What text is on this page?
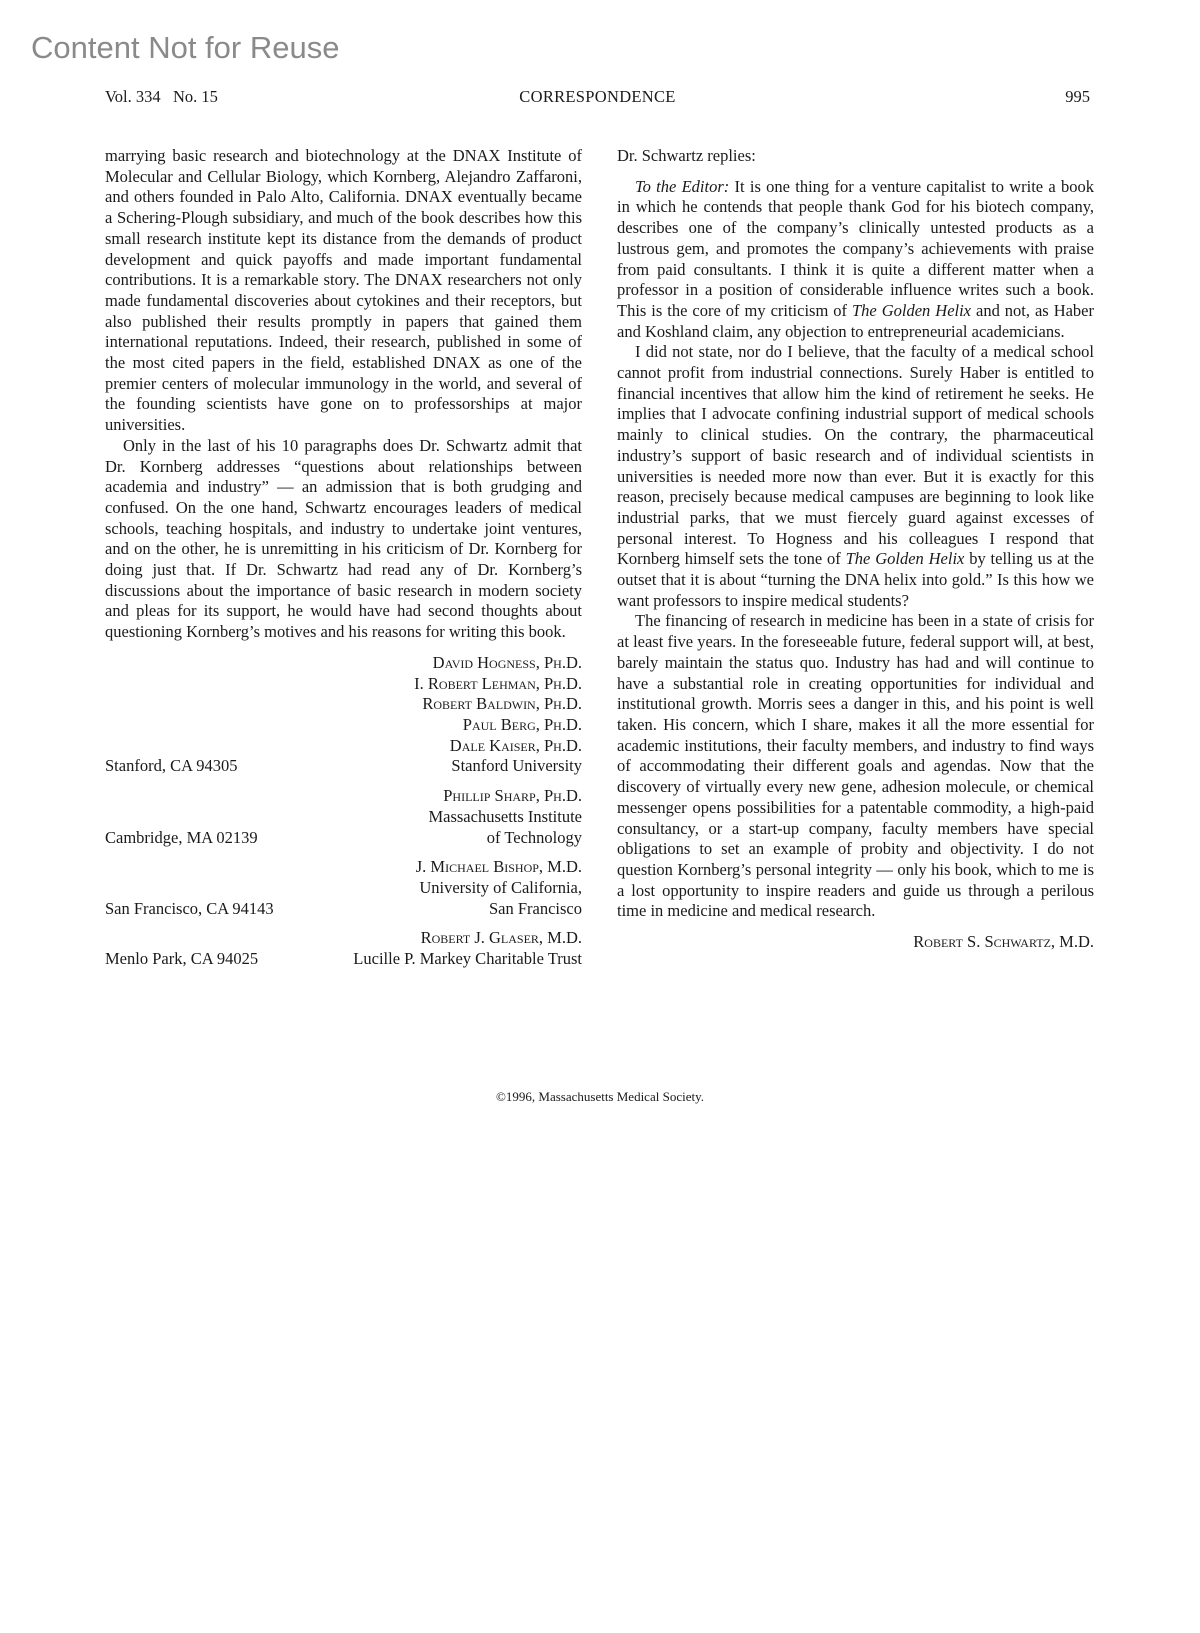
Content Not for Reuse
Vol. 334   No. 15	CORRESPONDENCE	995

marrying basic research and biotechnology at the DNAX Institute of Molecular and Cellular Biology, which Kornberg, Alejandro Zaffaroni, and others founded in Palo Alto, California. DNAX eventually became a Schering-Plough subsidiary, and much of the book describes how this small research institute kept its distance from the demands of product development and quick payoffs and made important fundamental contributions. It is a remarkable story. The DNAX researchers not only made fundamental discoveries about cytokines and their receptors, but also published their results promptly in papers that gained them international reputations. Indeed, their research, published in some of the most cited papers in the field, established DNAX as one of the premier centers of molecular immunology in the world, and several of the founding scientists have gone on to professorships at major universities.

Only in the last of his 10 paragraphs does Dr. Schwartz admit that Dr. Kornberg addresses “questions about relationships between academia and industry” — an admission that is both grudging and confused. On the one hand, Schwartz encourages leaders of medical schools, teaching hospitals, and industry to undertake joint ventures, and on the other, he is unremitting in his criticism of Dr. Kornberg for doing just that. If Dr. Schwartz had read any of Dr. Kornberg’s discussions about the importance of basic research in modern society and pleas for its support, he would have had second thoughts about questioning Kornberg’s motives and his reasons for writing this book.

David Hogness, Ph.D.
I. Robert Lehman, Ph.D.
Robert Baldwin, Ph.D.
Paul Berg, Ph.D.
Dale Kaiser, Ph.D.
Stanford University
Stanford, CA 94305
Phillip Sharp, Ph.D.
Massachusetts Institute
of Technology
Cambridge, MA 02139
J. Michael Bishop, M.D.
University of California,
San Francisco
San Francisco, CA 94143
Robert J. Glaser, M.D.
Lucille P. Markey Charitable Trust
Menlo Park, CA 94025
Dr. Schwartz replies:

To the Editor: It is one thing for a venture capitalist to write a book in which he contends that people thank God for his biotech company, describes one of the company’s clinically untested products as a lustrous gem, and promotes the company’s achievements with praise from paid consultants. I think it is quite a different matter when a professor in a position of considerable influence writes such a book. This is the core of my criticism of The Golden Helix and not, as Haber and Koshland claim, any objection to entrepreneurial academicians.

I did not state, nor do I believe, that the faculty of a medical school cannot profit from industrial connections. Surely Haber is entitled to financial incentives that allow him the kind of retirement he seeks. He implies that I advocate confining industrial support of medical schools mainly to clinical studies. On the contrary, the pharmaceutical industry’s support of basic research and of individual scientists in universities is needed more now than ever. But it is exactly for this reason, precisely because medical campuses are beginning to look like industrial parks, that we must fiercely guard against excesses of personal interest. To Hogness and his colleagues I respond that Kornberg himself sets the tone of The Golden Helix by telling us at the outset that it is about “turning the DNA helix into gold.” Is this how we want professors to inspire medical students?

The financing of research in medicine has been in a state of crisis for at least five years. In the foreseeable future, federal support will, at best, barely maintain the status quo. Industry has had and will continue to have a substantial role in creating opportunities for individual and institutional growth. Morris sees a danger in this, and his point is well taken. His concern, which I share, makes it all the more essential for academic institutions, their faculty members, and industry to find ways of accommodating their different goals and agendas. Now that the discovery of virtually every new gene, adhesion molecule, or chemical messenger opens possibilities for a patentable commodity, a high-paid consultancy, or a start-up company, faculty members have special obligations to set an example of probity and objectivity. I do not question Kornberg’s personal integrity — only his book, which to me is a lost opportunity to inspire readers and guide us through a perilous time in medicine and medical research.

Robert S. Schwartz, M.D.
©1996, Massachusetts Medical Society.
